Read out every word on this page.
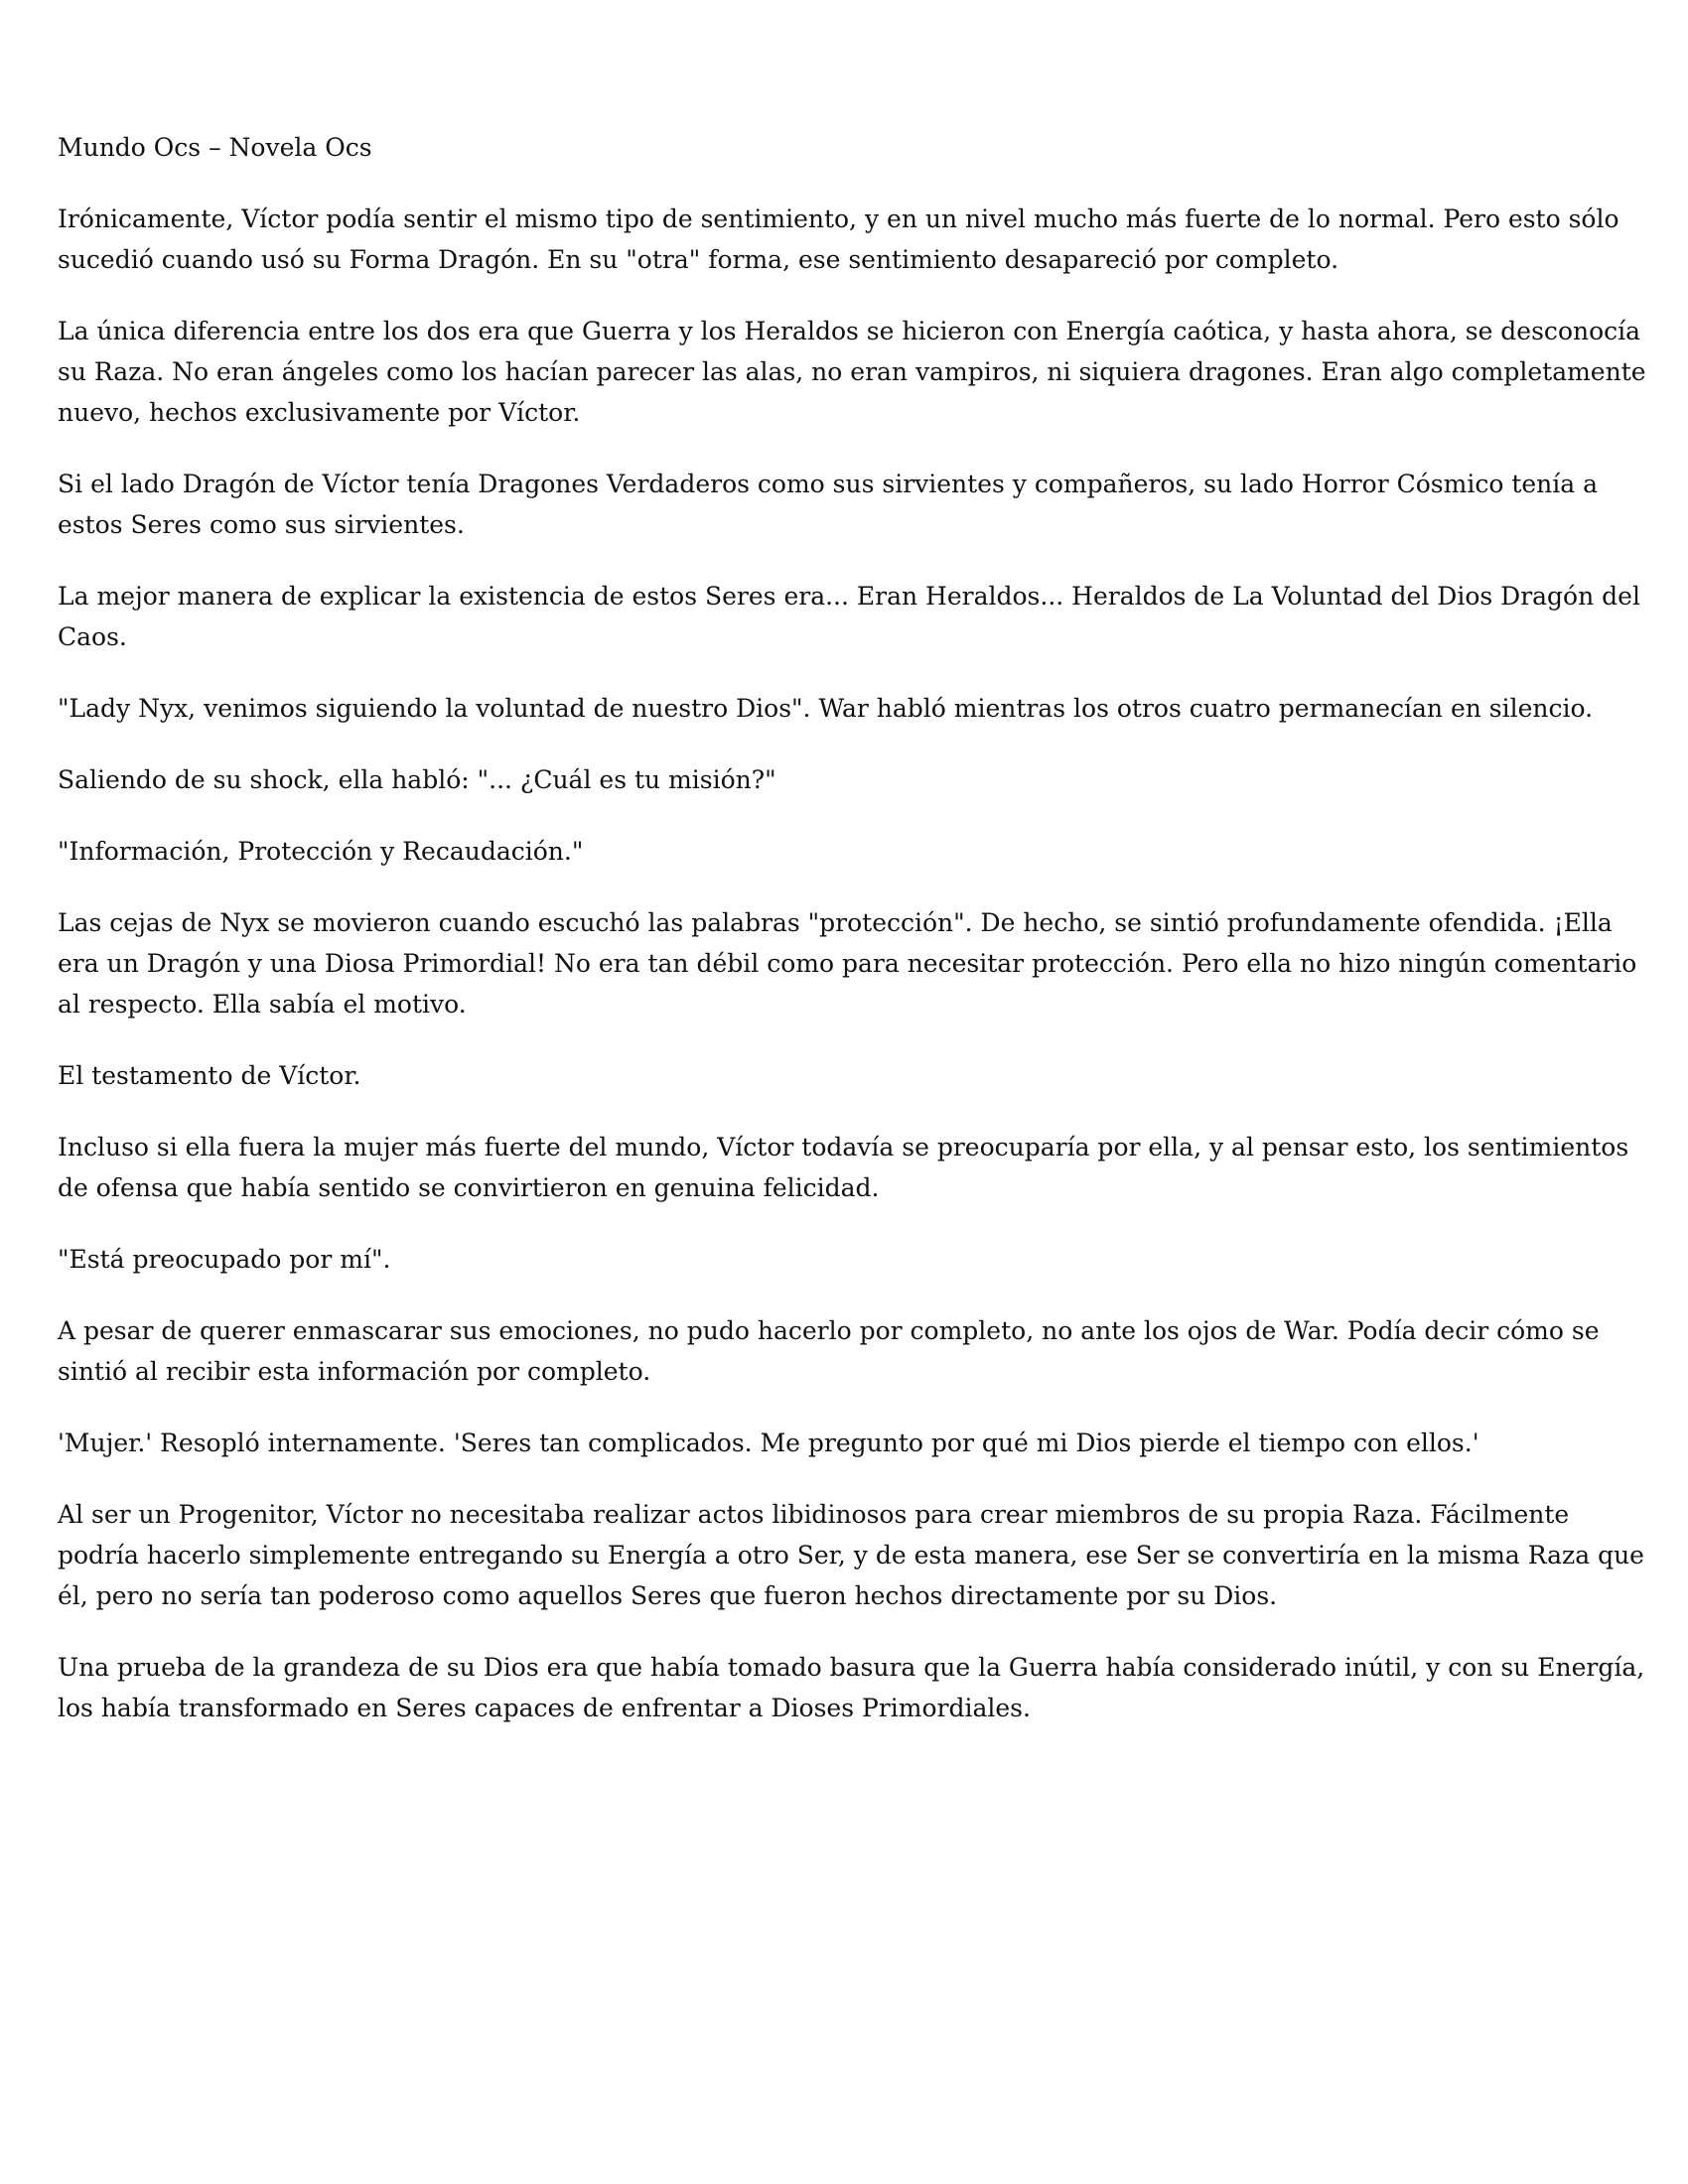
Mundo Ocs – Novela Ocs

Irónicamente, Víctor podía sentir el mismo tipo de sentimiento, y en un nivel mucho más fuerte de lo normal. Pero esto sólo sucedió cuando usó su Forma Dragón. En su "otra" forma, ese sentimiento desapareció por completo.

La única diferencia entre los dos era que Guerra y los Heraldos se hicieron con Energía caótica, y hasta ahora, se desconocía su Raza. No eran ángeles como los hacían parecer las alas, no eran vampiros, ni siquiera dragones. Eran algo completamente nuevo, hechos exclusivamente por Víctor.

Si el lado Dragón de Víctor tenía Dragones Verdaderos como sus sirvientes y compañeros, su lado Horror Cósmico tenía a estos Seres como sus sirvientes.

La mejor manera de explicar la existencia de estos Seres era... Eran Heraldos... Heraldos de La Voluntad del Dios Dragón del Caos.

"Lady Nyx, venimos siguiendo la voluntad de nuestro Dios". War habló mientras los otros cuatro permanecían en silencio.

Saliendo de su shock, ella habló: "... ¿Cuál es tu misión?"

"Información, Protección y Recaudación."

Las cejas de Nyx se movieron cuando escuchó las palabras "protección". De hecho, se sintió profundamente ofendida. ¡Ella era un Dragón y una Diosa Primordial! No era tan débil como para necesitar protección. Pero ella no hizo ningún comentario al respecto. Ella sabía el motivo.

El testamento de Víctor.

Incluso si ella fuera la mujer más fuerte del mundo, Víctor todavía se preocuparía por ella, y al pensar esto, los sentimientos de ofensa que había sentido se convirtieron en genuina felicidad.

"Está preocupado por mí".

A pesar de querer enmascarar sus emociones, no pudo hacerlo por completo, no ante los ojos de War. Podía decir cómo se sintió al recibir esta información por completo.

'Mujer.' Resopló internamente. 'Seres tan complicados. Me pregunto por qué mi Dios pierde el tiempo con ellos.'

Al ser un Progenitor, Víctor no necesitaba realizar actos libidinosos para crear miembros de su propia Raza. Fácilmente podría hacerlo simplemente entregando su Energía a otro Ser, y de esta manera, ese Ser se convertiría en la misma Raza que él, pero no sería tan poderoso como aquellos Seres que fueron hechos directamente por su Dios.

Una prueba de la grandeza de su Dios era que había tomado basura que la Guerra había considerado inútil, y con su Energía, los había transformado en Seres capaces de enfrentar a Dioses Primordiales.
